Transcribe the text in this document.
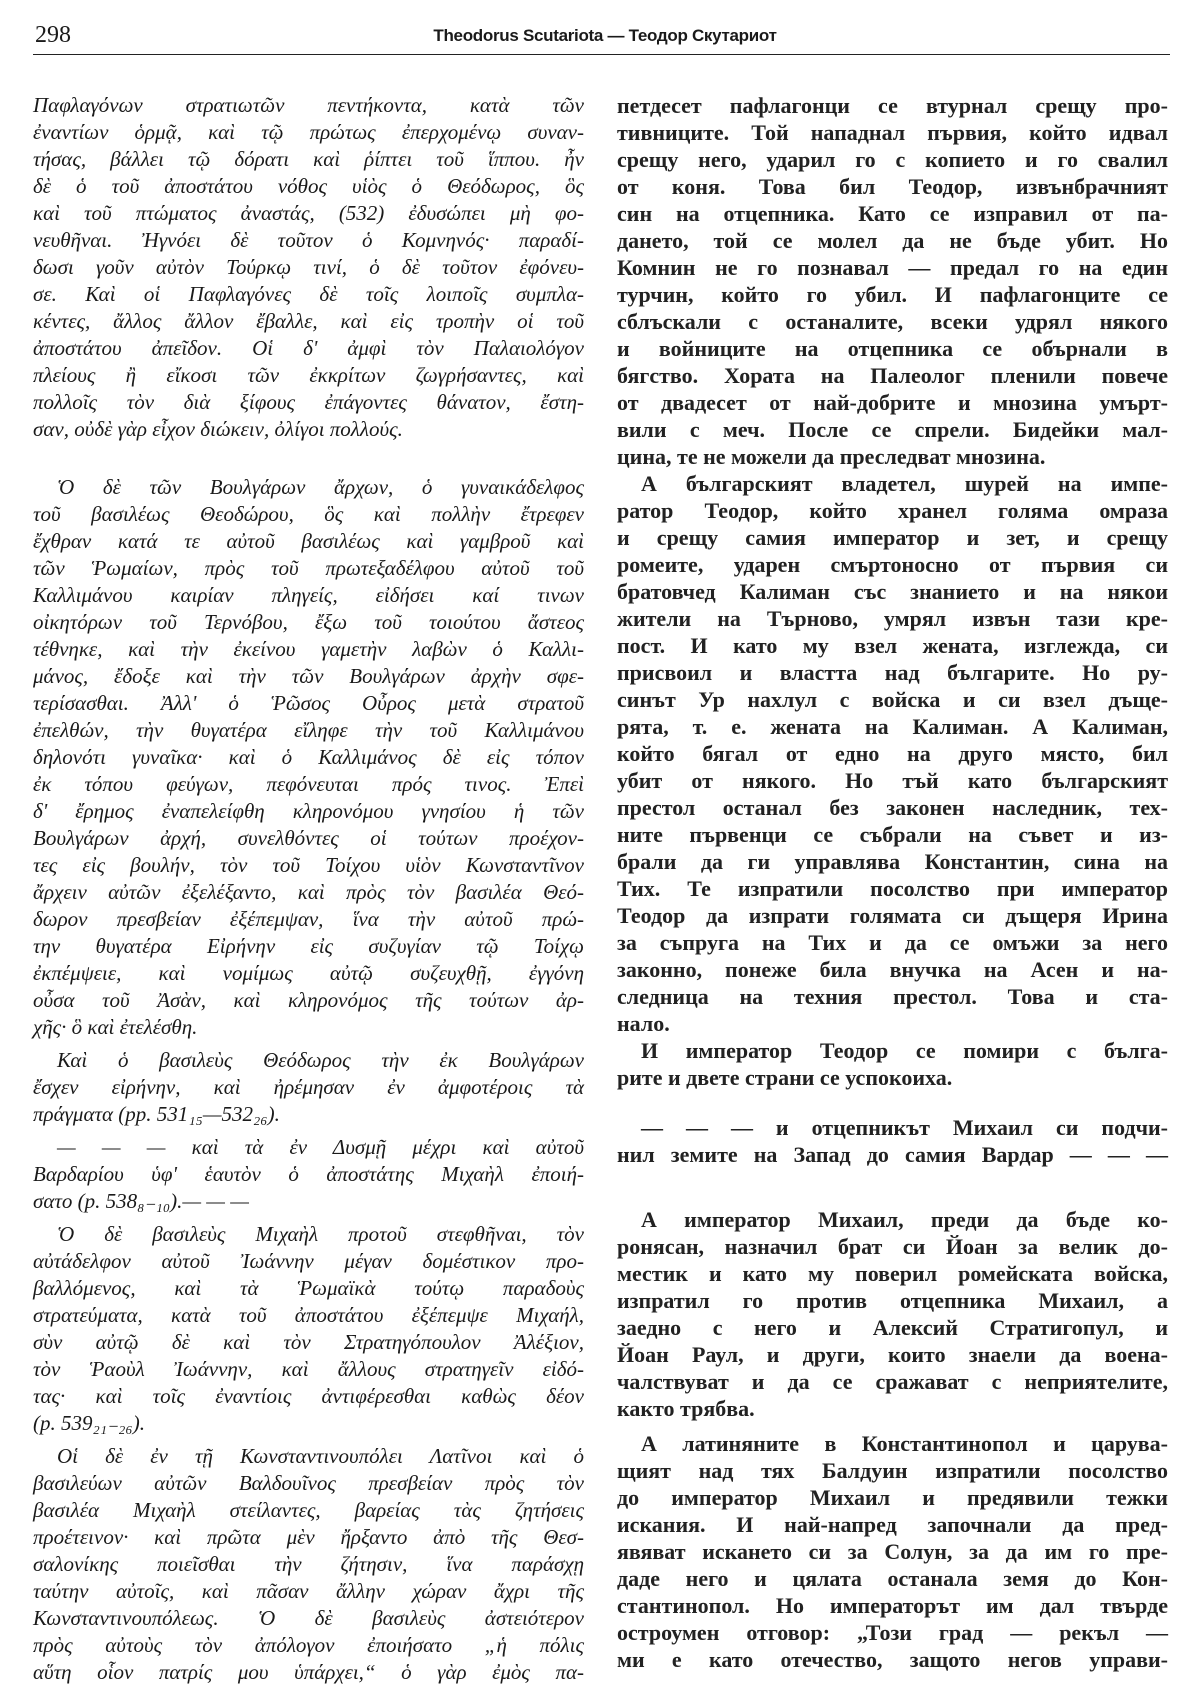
298	Theodorus Scutariota — Теодор Скутариот
Παφλαγόνων στρατιωτῶν πεντήκοντα, κατὰ τῶν
ἐναντίων ὁρμᾷ, καὶ τῷ πρώτως ἐπερχομένῳ συναν-
τήσας, βάλλει τῷ δόρατι καὶ ῥίπτει τοῦ ἵππου. ἦν
δὲ ὁ τοῦ ἀποστάτου νόθος υἱὸς ὁ Θεόδωρος, ὃς
καὶ τοῦ πτώματος ἀναστάς, (532) ἐδυσώπει μὴ φο-
νευθῆναι. Ἠγνόει δὲ τοῦτον ὁ Κομνηνός· παραδί-
δωσι γοῦν αὐτὸν Τούρκῳ τινί, ὁ δὲ τοῦτον ἐφόνευ-
σε. Καὶ οἱ Παφλαγόνες δὲ τοῖς λοιποῖς συμπλα-
κέντες, ἄλλος ἄλλον ἔβαλλε, καὶ εἰς τροπὴν οἱ τοῦ
ἀποστάτου ἀπεῖδον. Οἱ δ' ἀμφὶ τὸν Παλαιολόγον
πλείους ἢ εἴκοσι τῶν ἐκκρίτων ζωγρήσαντες, καὶ
πολλοῖς τὸν διὰ ξίφους ἐπάγοντες θάνατον, ἔστη-
σαν, οὐδὲ γὰρ εἶχον διώκειν, ὀλίγοι πολλούς.
Ὁ δὲ τῶν Βουλγάρων ἄρχων, ὁ γυναικάδελφος
τοῦ βασιλέως Θεοδώρου, ὃς καὶ πολλὴν ἔτρεφεν
ἔχθραν κατά τε αὐτοῦ βασιλέως καὶ γαμβροῦ καὶ
τῶν Ῥωμαίων, πρὸς τοῦ πρωτεξαδέλφου αὐτοῦ τοῦ
Καλλιμάνου καιρίαν πληγείς, εἰδήσει καί τινων
οἰκητόρων τοῦ Τερνόβου, ἔξω τοῦ τοιούτου ἄστεος
τέθνηκε, καὶ τὴν ἐκείνου γαμετὴν λαβὼν ὁ Καλλι-
μάνος, ἔδοξε καὶ τὴν τῶν Βουλγάρων ἀρχὴν σφε-
τερίσασθαι. Ἀλλ' ὁ Ῥῶσος Οὖρος μετὰ στρατοῦ
ἐπελθών, τὴν θυγατέρα εἴληφε τὴν τοῦ Καλλιμάνου
δηλονότι γυναῖκα· καὶ ὁ Καλλιμάνος δὲ εἰς τόπον
ἐκ τόπου φεύγων, πεφόνευται πρός τινος. Ἐπεὶ
δ' ἔρημος ἐναπελείφθη κληρονόμου γνησίου ἡ τῶν
Βουλγάρων ἀρχή, συνελθόντες οἱ τούτων προέχον-
τες εἰς βουλήν, τὸν τοῦ Τοίχου υἱὸν Κωνσταντῖνον
ἄρχειν αὐτῶν ἐξελέξαντο, καὶ πρὸς τὸν βασιλέα Θεό-
δωρον πρεσβείαν ἐξέπεμψαν, ἵνα τὴν αὐτοῦ πρώ-
την θυγατέρα Εἰρήνην εἰς συζυγίαν τῷ Τοίχῳ
ἐκπέμψειε, καὶ νομίμως αὐτῷ συζευχθῇ, ἐγγόνη
οὖσα τοῦ Ἀσὰν, καὶ κληρονόμος τῆς τούτων ἀρ-
χῆς· ὃ καὶ ἐτελέσθη.
Καὶ ὁ βασιλεὺς Θεόδωρος τὴν ἐκ Βουλγάρων
ἔσχεν εἰρήνην, καὶ ἠρέμησαν ἐν ἀμφοτέροις τὰ
πράγματα (pp. 531₁₅—532₂₆).
— — — καὶ τὰ ἐν Δυσμῇ μέχρι καὶ αὐτοῦ
Βαρδαρίου ὑφ' ἑαυτὸν ὁ ἀποστάτης Μιχαὴλ ἐποιή-
σατο (p. 538₈₋₁₀).— — —
Ὁ δὲ βασιλεὺς Μιχαὴλ προτοῦ στεφθῆναι, τὸν
αὐτάδελφον αὐτοῦ Ἰωάννην μέγαν δομέστικον προ-
βαλλόμενος, καὶ τὰ Ῥωμαϊκὰ τούτῳ παραδοὺς
στρατεύματα, κατὰ τοῦ ἀποστάτου ἐξέπεμψε Μιχαήλ,
σὺν αὐτῷ δὲ καὶ τὸν Στρατηγόπουλον Ἀλέξιον,
τὸν Ῥαοὺλ Ἰωάννην, καὶ ἄλλους στρατηγεῖν εἰδό-
τας· καὶ τοῖς ἐναντίοις ἀντιφέρεσθαι καθὼς δέον
(p. 539₂₁₋₂₆).
Οἱ δὲ ἐν τῇ Κωνσταντινουπόλει Λατῖνοι καὶ ὁ
βασιλεύων αὐτῶν Βαλδουῖνος πρεσβείαν πρὸς τὸν
βασιλέα Μιχαὴλ στείλαντες, βαρείας τὰς ζητήσεις
προέτεινον· καὶ πρῶτα μὲν ἤρξαντο ἀπὸ τῆς Θεσ-
σαλονίκης ποιεῖσθαι τὴν ζήτησιν, ἵνα παράσχῃ
ταύτην αὐτοῖς, καὶ πᾶσαν ἄλλην χώραν ἄχρι τῆς
Κωνσταντινουπόλεως. Ὁ δὲ βασιλεὺς ἀστειότερον
πρὸς αὐτοὺς τὸν ἀπόλογον ἐποιήσατο „ἡ πόλις
αὕτη οἷον πατρίς μου ὑπάρχει,“ ὁ γὰρ ἐμὸς πα-
петдесет пафлагонци се втурнал срещу про-
тивниците. Той нападнал първия, който идвал
срещу него, ударил го с копието и го свалил
от коня. Това бил Теодор, извънбрачният
син на отцепника. Като се изправил от па-
дането, той се молел да не бъде убит. Но
Комнин не го познавал — предал го на един
турчин, който го убил. И пафлагонците се
сблъскали с останалите, всеки удрял някого
и войниците на отцепника се обърнали в
бягство. Хората на Палеолог пленили повече
от двадесет от най-добрите и мнозина умърт-
вили с меч. После се спрели. Бидейки мал-
цина, те не можели да преследват мнозина.
А българският владетел, шурей на импе-
ратор Теодор, който хранел голяма омраза
и срещу самия император и зет, и срещу
ромеите, ударен смъртоносно от първия си
братовчед Калиман със знанието и на някои
жители на Търново, умрял извън тази кре-
пост. И като му взел жената, изглежда, си
присвоил и властта над българите. Но ру-
синът Ур нахлул с войска и си взел дъще-
рята, т. е. жената на Калиман. А Калиман,
който бягал от едно на друго място, бил
убит от някого. Но тъй като българският
престол останал без законен наследник, тех-
ните първенци се събрали на съвет и из-
брали да ги управлява Константин, сина на
Тих. Те изпратили посолство при император
Теодор да изпрати голямата си дъщеря Ирина
за съпруга на Тих и да се омъжи за него
законно, понеже била внучка на Асен и на-
следница на техния престол. Това и ста-
нало.
И император Теодор се помири с бълга-
рите и двете страни се успокоиха.
— — — и отцепникът Михаил си подчи-
нил земите на Запад до самия Вардар — — —
А император Михаил, преди да бъде ко-
ронясан, назначил брат си Йоан за велик до-
местик и като му поверил ромейската войска,
изпратил го против отцепника Михаил, а
заедно с него и Алексий Стратигопул, и
Йоан Раул, и други, които знаели да воена-
чалствуват и да се сражават с неприятелите,
както трябва.
А латиняните в Константинопол и царува-
щият над тях Балдуин изпратили посолство
до император Михаил и предявили тежки
искания. И най-напред започнали да пред-
явяват искането си за Солун, за да им го пре-
даде него и цялата останала земя до Кон-
стантинопол. Но императорът им дал твърде
остроумен отговор: „Този град — рекъл —
ми е като отечество, защото негов управи-
